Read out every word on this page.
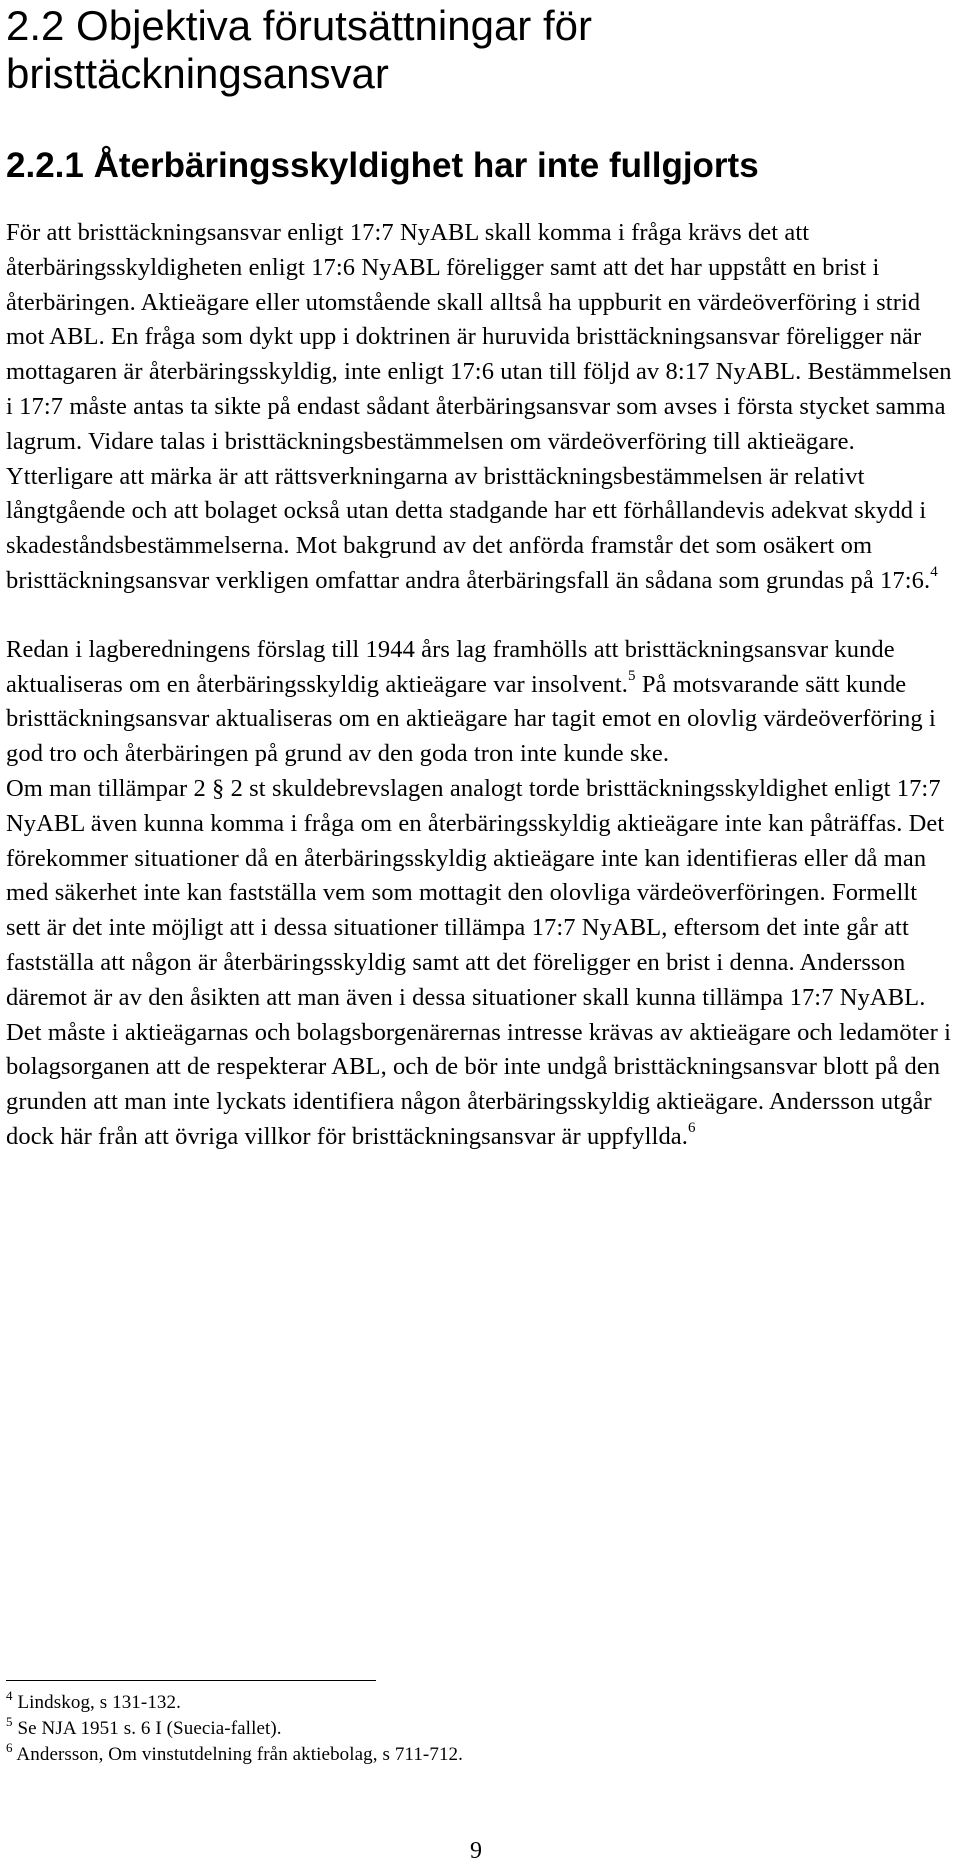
2.2 Objektiva förutsättningar för bristtäckningsansvar
2.2.1 Återbäringsskyldighet har inte fullgjorts

För att bristtäckningsansvar enligt 17:7 NyABL skall komma i fråga krävs det att återbäringsskyldigheten enligt 17:6 NyABL föreligger samt att det har uppstått en brist i återbäringen. Aktieägare eller utomstående skall alltså ha uppburit en värdeöverföring i strid mot ABL. En fråga som dykt upp i doktrinen är huruvida bristtäckningsansvar föreligger när mottagaren är återbäringsskyldig, inte enligt 17:6 utan till följd av 8:17 NyABL. Bestämmelsen i 17:7 måste antas ta sikte på endast sådant återbäringsansvar som avses i första stycket samma lagrum. Vidare talas i bristtäckningsbestämmelsen om värdeöverföring till aktieägare. Ytterligare att märka är att rättsverkningarna av bristtäckningsbestämmelsen är relativt långtgående och att bolaget också utan detta stadgande har ett förhållandevis adekvat skydd i skadeståndsbestämmelserna. Mot bakgrund av det anförda framstår det som osäkert om bristtäckningsansvar verkligen omfattar andra återbäringsfall än sådana som grundas på 17:6.$^4$

Redan i lagberedningens förslag till 1944 års lag framhölls att bristtäckningsansvar kunde aktualiseras om en återbäringsskyldig aktieägare var insolvent.$^5$ På motsvarande sätt kunde bristtäckningsansvar aktualiseras om en aktieägare har tagit emot en olovlig värdeöverföring i god tro och återbäringen på grund av den goda tron inte kunde ske.

Om man tillämpar 2 § 2 st skuldebrevslagen analogt torde bristtäckningsskyldighet enligt 17:7 NyABL även kunna komma i fråga om en återbäringsskyldig aktieägare inte kan påträffas. Det förekommer situationer då en återbäringsskyldig aktieägare inte kan identifieras eller då man med säkerhet inte kan fastställa vem som mottagit den olovliga värdeöverföringen. Formellt sett är det inte möjligt att i dessa situationer tillämpa 17:7 NyABL, eftersom det inte går att fastställa att någon är återbäringsskyldig samt att det föreligger en brist i denna. Andersson däremot är av den åsikten att man även i dessa situationer skall kunna tillämpa 17:7 NyABL. Det måste i aktieägarnas och bolagsborgenärernas intresse krävas av aktieägare och ledamöter i bolagsorganen att de respekterar ABL, och de bör inte undgå bristtäckningsansvar blott på den grunden att man inte lyckats identifiera någon återbäringsskyldig aktieägare. Andersson utgår dock här från att övriga villkor för bristtäckningsansvar är uppfyllda.$^6$

$^4$ Lindskog, s 131-132.

$^5$ Se NJA 1951 s. 6 I (Suecia-fallet).

$^6$ Andersson, Om vinstutdelning från aktiebolag, s 711-712.

9
